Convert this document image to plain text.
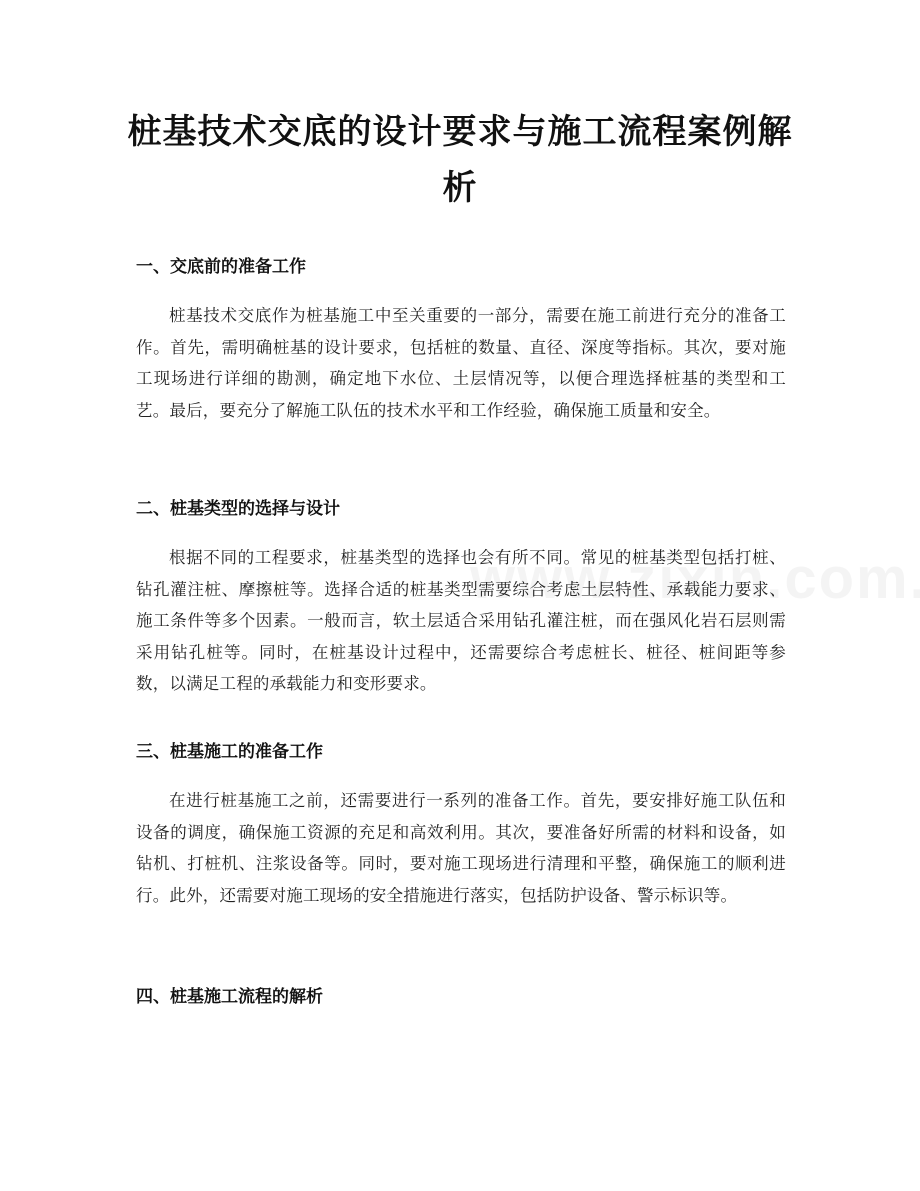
桩基技术交底的设计要求与施工流程案例解析
一、交底前的准备工作
桩基技术交底作为桩基施工中至关重要的一部分，需要在施工前进行充分的准备工作。首先，需明确桩基的设计要求，包括桩的数量、直径、深度等指标。其次，要对施工现场进行详细的勘测，确定地下水位、土层情况等，以便合理选择桩基的类型和工艺。最后，要充分了解施工队伍的技术水平和工作经验，确保施工质量和安全。
二、桩基类型的选择与设计
根据不同的工程要求，桩基类型的选择也会有所不同。常见的桩基类型包括打桩、钻孔灌注桩、摩擦桩等。选择合适的桩基类型需要综合考虑土层特性、承载能力要求、施工条件等多个因素。一般而言，软土层适合采用钻孔灌注桩，而在强风化岩石层则需采用钻孔桩等。同时，在桩基设计过程中，还需要综合考虑桩长、桩径、桩间距等参数，以满足工程的承载能力和变形要求。
三、桩基施工的准备工作
在进行桩基施工之前，还需要进行一系列的准备工作。首先，要安排好施工队伍和设备的调度，确保施工资源的充足和高效利用。其次，要准备好所需的材料和设备，如钻机、打桩机、注浆设备等。同时，要对施工现场进行清理和平整，确保施工的顺利进行。此外，还需要对施工现场的安全措施进行落实，包括防护设备、警示标识等。
四、桩基施工流程的解析
